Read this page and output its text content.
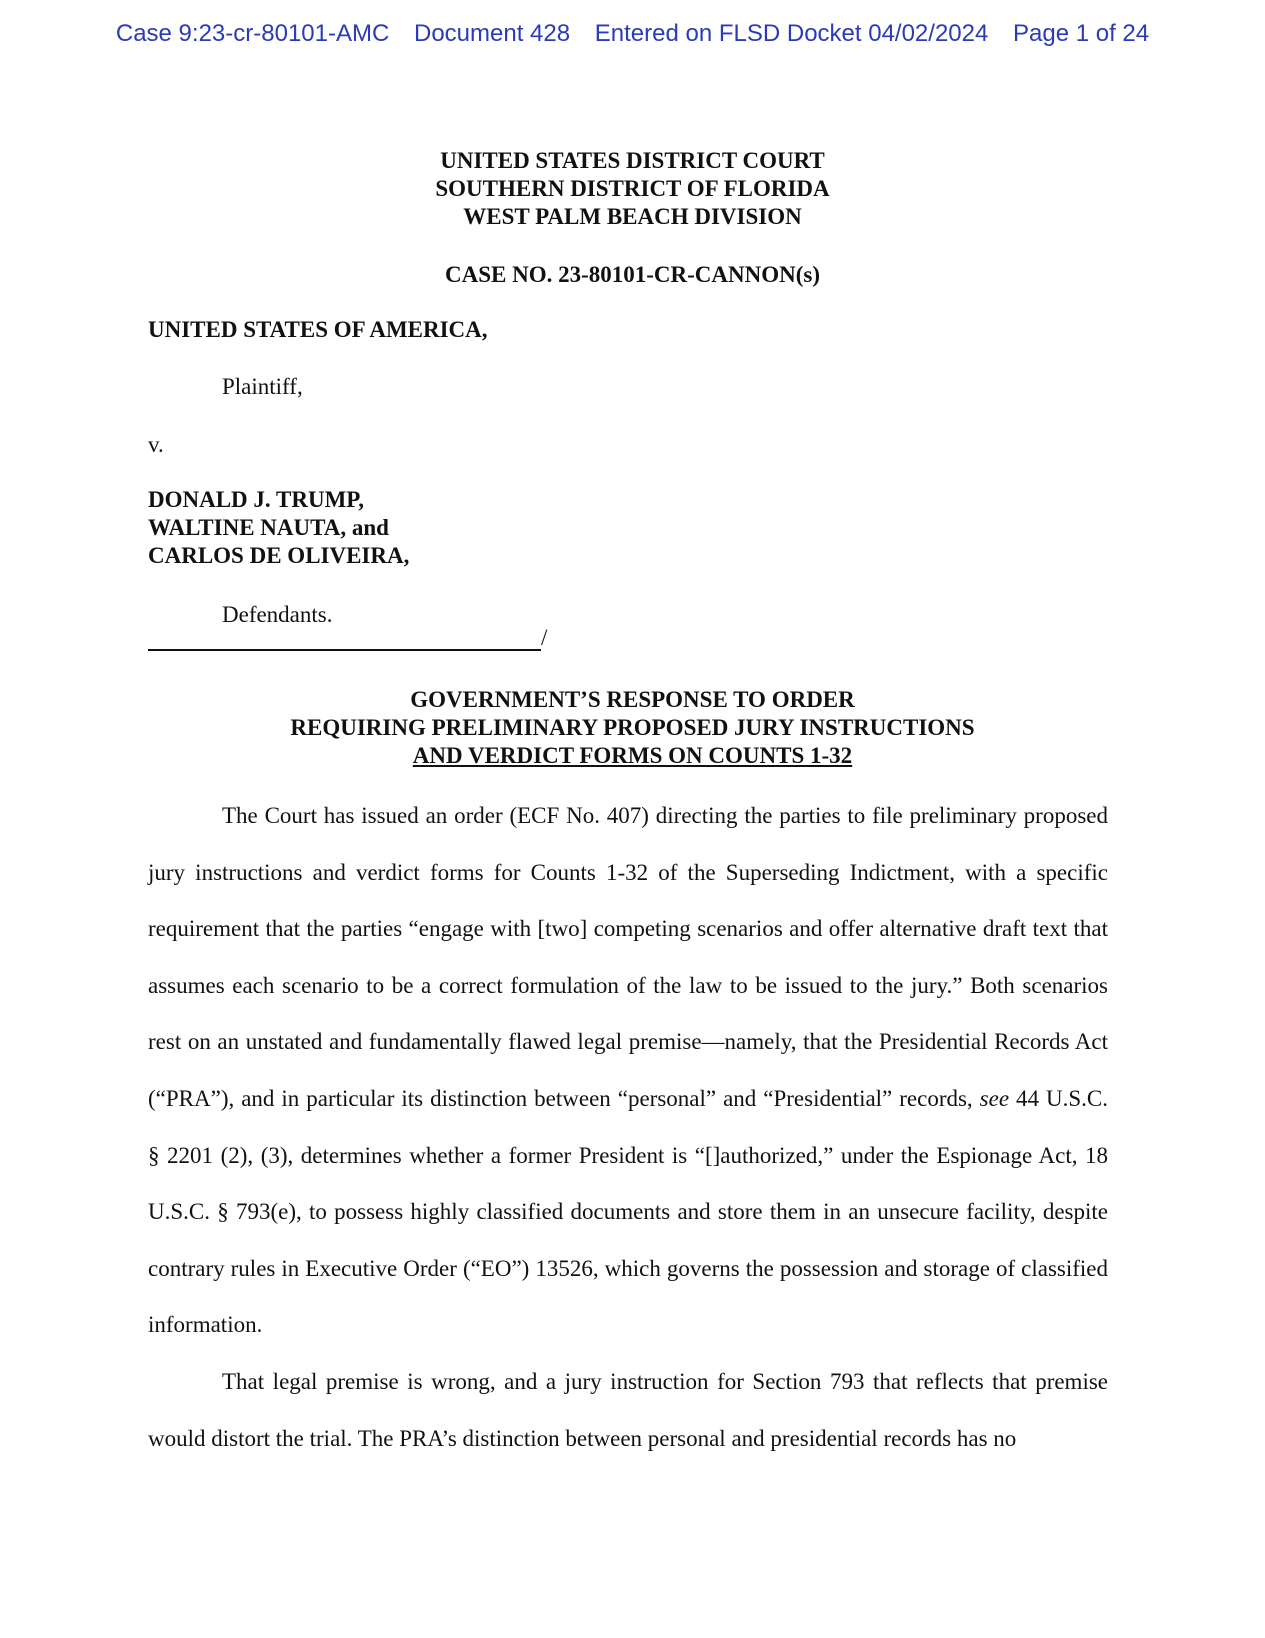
Case 9:23-cr-80101-AMC Document 428 Entered on FLSD Docket 04/02/2024 Page 1 of 24
UNITED STATES DISTRICT COURT
SOUTHERN DISTRICT OF FLORIDA
WEST PALM BEACH DIVISION
CASE NO. 23-80101-CR-CANNON(s)
UNITED STATES OF AMERICA,
Plaintiff,
v.
DONALD J. TRUMP,
WALTINE NAUTA, and
CARLOS DE OLIVEIRA,
Defendants.
/
GOVERNMENT’S RESPONSE TO ORDER
REQUIRING PRELIMINARY PROPOSED JURY INSTRUCTIONS
AND VERDICT FORMS ON COUNTS 1-32

The Court has issued an order (ECF No. 407) directing the parties to file preliminary proposed jury instructions and verdict forms for Counts 1-32 of the Superseding Indictment, with a specific requirement that the parties “engage with [two] competing scenarios and offer alternative draft text that assumes each scenario to be a correct formulation of the law to be issued to the jury.” Both scenarios rest on an unstated and fundamentally flawed legal premise—namely, that the Presidential Records Act (“PRA”), and in particular its distinction between “personal” and “Presidential” records, see 44 U.S.C. § 2201 (2), (3), determines whether a former President is “[]authorized,” under the Espionage Act, 18 U.S.C. § 793(e), to possess highly classified documents and store them in an unsecure facility, despite contrary rules in Executive Order (“EO”) 13526, which governs the possession and storage of classified information.

That legal premise is wrong, and a jury instruction for Section 793 that reflects that premise would distort the trial. The PRA’s distinction between personal and presidential records has no
